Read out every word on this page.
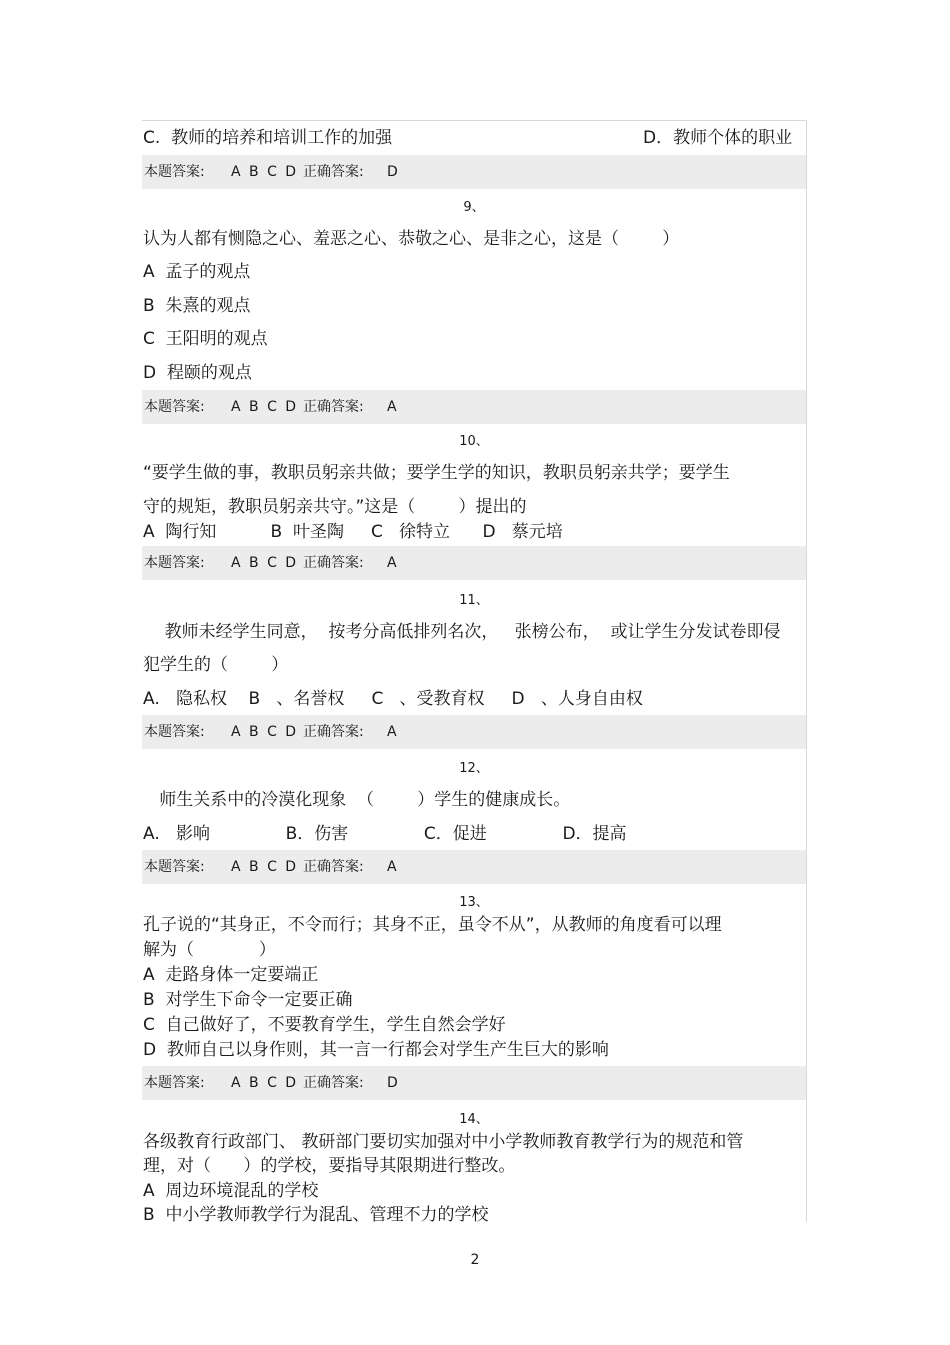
C.  教师的培养和培训工作的加强	D．教师个体的职业
本题答案: A B C D 正确答案: D
9、
认为人都有恻隐之心、羞恶之心、恭敬之心、是非之心，这是（        ）
A  孟子的观点
B  朱熹的观点
C  王阳明的观点
D  程颐的观点
本题答案: A B C D 正确答案: A
10、
“要学生做的事，教职员躬亲共做；要学生学的知识，教职员躬亲共学；要学生
守的规矩，教职员躬亲共守。”这是（        ）提出的
A  陶行知          B  叶圣陶     C   徐特立      D   蔡元培
本题答案: A B C D 正确答案: A
11、
教师未经学生同意，  按考分高低排列名次，   张榜公布，  或让学生分发试卷即侵
犯学生的（        ）
A.   隐私权    B   、名誉权     C   、受教育权     D   、人身自由权
本题答案: A B C D 正确答案: A
12、
师生关系中的冷漠化现象  （        ）学生的健康成长。
A.   影响              B．伤害              C．促进              D．提高
本题答案: A B C D 正确答案: A
13、
孔子说的“其身正，不令而行；其身不正，虽令不从”，从教师的角度看可以理
解为（            ）
A  走路身体一定要端正
B  对学生下命令一定要正确
C  自己做好了，不要教育学生，学生自然会学好
D  教师自己以身作则，其一言一行都会对学生产生巨大的影响
本题答案: A B C D 正确答案: D
14、
各级教育行政部门、 教研部门要切实加强对中小学教师教育教学行为的规范和管
理，对（      ）的学校，要指导其限期进行整改。
A  周边环境混乱的学校
B  中小学教师教学行为混乱、管理不力的学校
2
